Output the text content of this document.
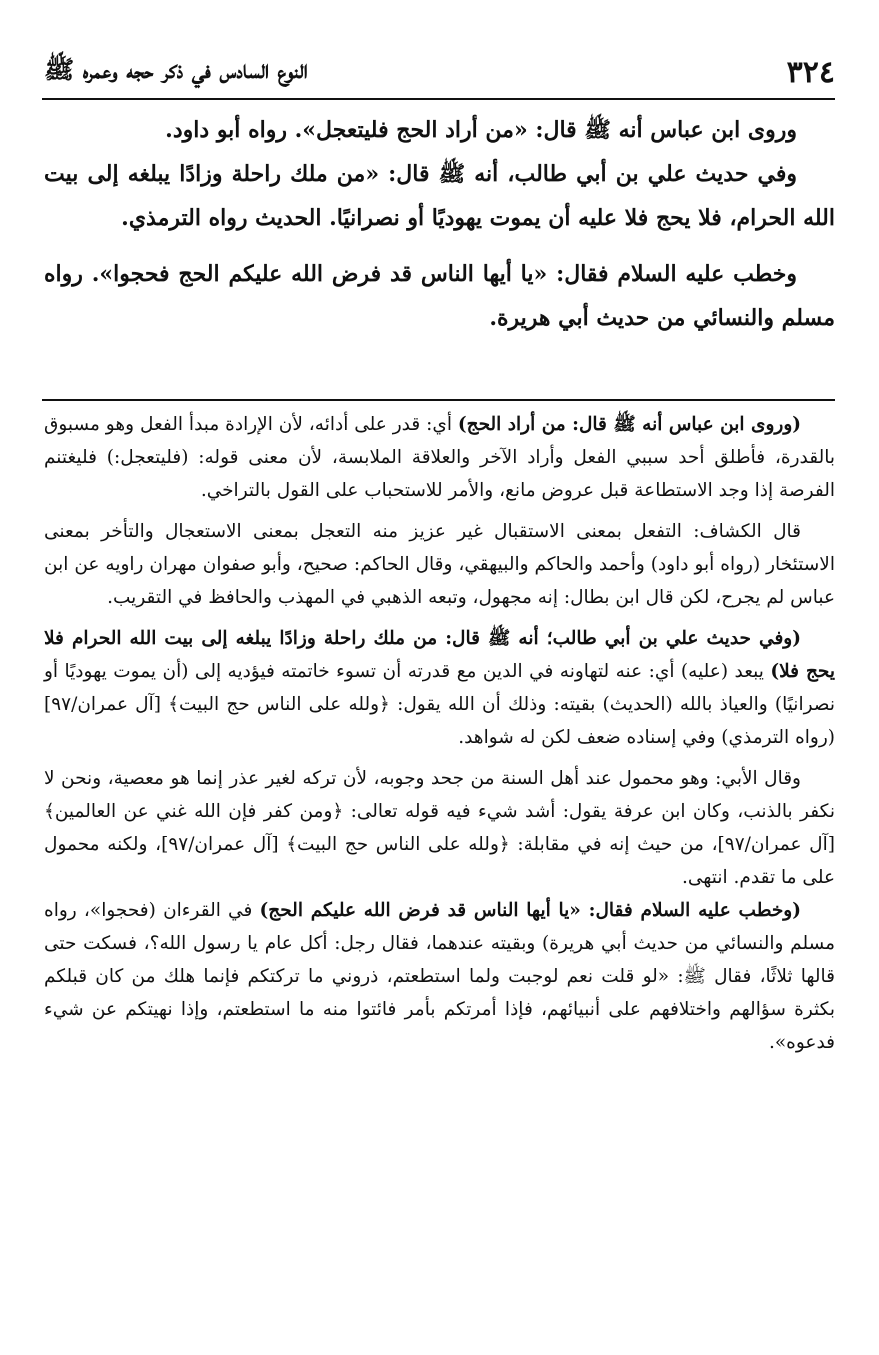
٣٢٤
النوع السادس في ذكر حجه وعمره ﷺ

وروى ابن عباس أنه ﷺ قال: «من أراد الحج فليتعجل». رواه أبو داود.

وفي حديث علي بن أبي طالب، أنه ﷺ قال: «من ملك راحلة وزادًا يبلغه إلى بيت الله الحرام، فلا يحج فلا عليه أن يموت يهوديًا أو نصرانيًا. الحديث رواه الترمذي.

وخطب عليه السلام فقال: «يا أيها الناس قد فرض الله عليكم الحج فحجوا». رواه مسلم والنسائي من حديث أبي هريرة.

(وروى ابن عباس أنه ﷺ قال: من أراد الحج) أي: قدر على أدائه، لأن الإرادة مبدأ الفعل وهو مسبوق بالقدرة، فأطلق أحد سببي الفعل وأراد الآخر والعلاقة الملابسة، لأن معنى قوله: (فليتعجل:) فليغتنم الفرصة إذا وجد الاستطاعة قبل عروض مانع، والأمر للاستحباب على القول بالتراخي.

قال الكشاف: التفعل بمعنى الاستقبال غير عزيز منه التعجل بمعنى الاستعجال والتأخر بمعنى الاستئخار (رواه أبو داود) وأحمد والحاكم والبيهقي، وقال الحاكم: صحيح، وأبو صفوان مهران راويه عن ابن عباس لم يجرح، لكن قال ابن بطال: إنه مجهول، وتبعه الذهبي في المهذب والحافظ في التقريب.

(وفي حديث علي بن أبي طالب؛ أنه ﷺ قال: من ملك راحلة وزادًا يبلغه إلى بيت الله الحرام فلا يحج فلا) يبعد (عليه) أي: عنه لتهاونه في الدين مع قدرته أن تسوء خاتمته فيؤديه إلى (أن يموت يهوديًا أو نصرانيًا) والعياذ بالله (الحديث) بقيته: وذلك أن الله يقول: ﴿ولله على الناس حج البيت﴾ [آل عمران/٩٧] (رواه الترمذي) وفي إسناده ضعف لكن له شواهد.

وقال الأبي: وهو محمول عند أهل السنة من جحد وجوبه، لأن تركه لغير عذر إنما هو معصية، ونحن لا نكفر بالذنب، وكان ابن عرفة يقول: أشد شيء فيه قوله تعالى: ﴿ومن كفر فإن الله غني عن العالمين﴾ [آل عمران/٩٧]، من حيث إنه في مقابلة: ﴿ولله على الناس حج البيت﴾ [آل عمران/٩٧]، ولكنه محمول على ما تقدم. انتهى.

(وخطب عليه السلام فقال: «يا أيها الناس قد فرض الله عليكم الحج) في القرءان (فحجوا»، رواه مسلم والنسائي من حديث أبي هريرة) وبقيته عندهما، فقال رجل: أكل عام يا رسول الله؟، فسكت حتى قالها ثلاثًا، فقال ﷺ: «لو قلت نعم لوجبت ولما استطعتم، ذروني ما تركتكم فإنما هلك من كان قبلكم بكثرة سؤالهم واختلافهم على أنبيائهم، فإذا أمرتكم بأمر فائتوا منه ما استطعتم، وإذا نهيتكم عن شيء فدعوه».
